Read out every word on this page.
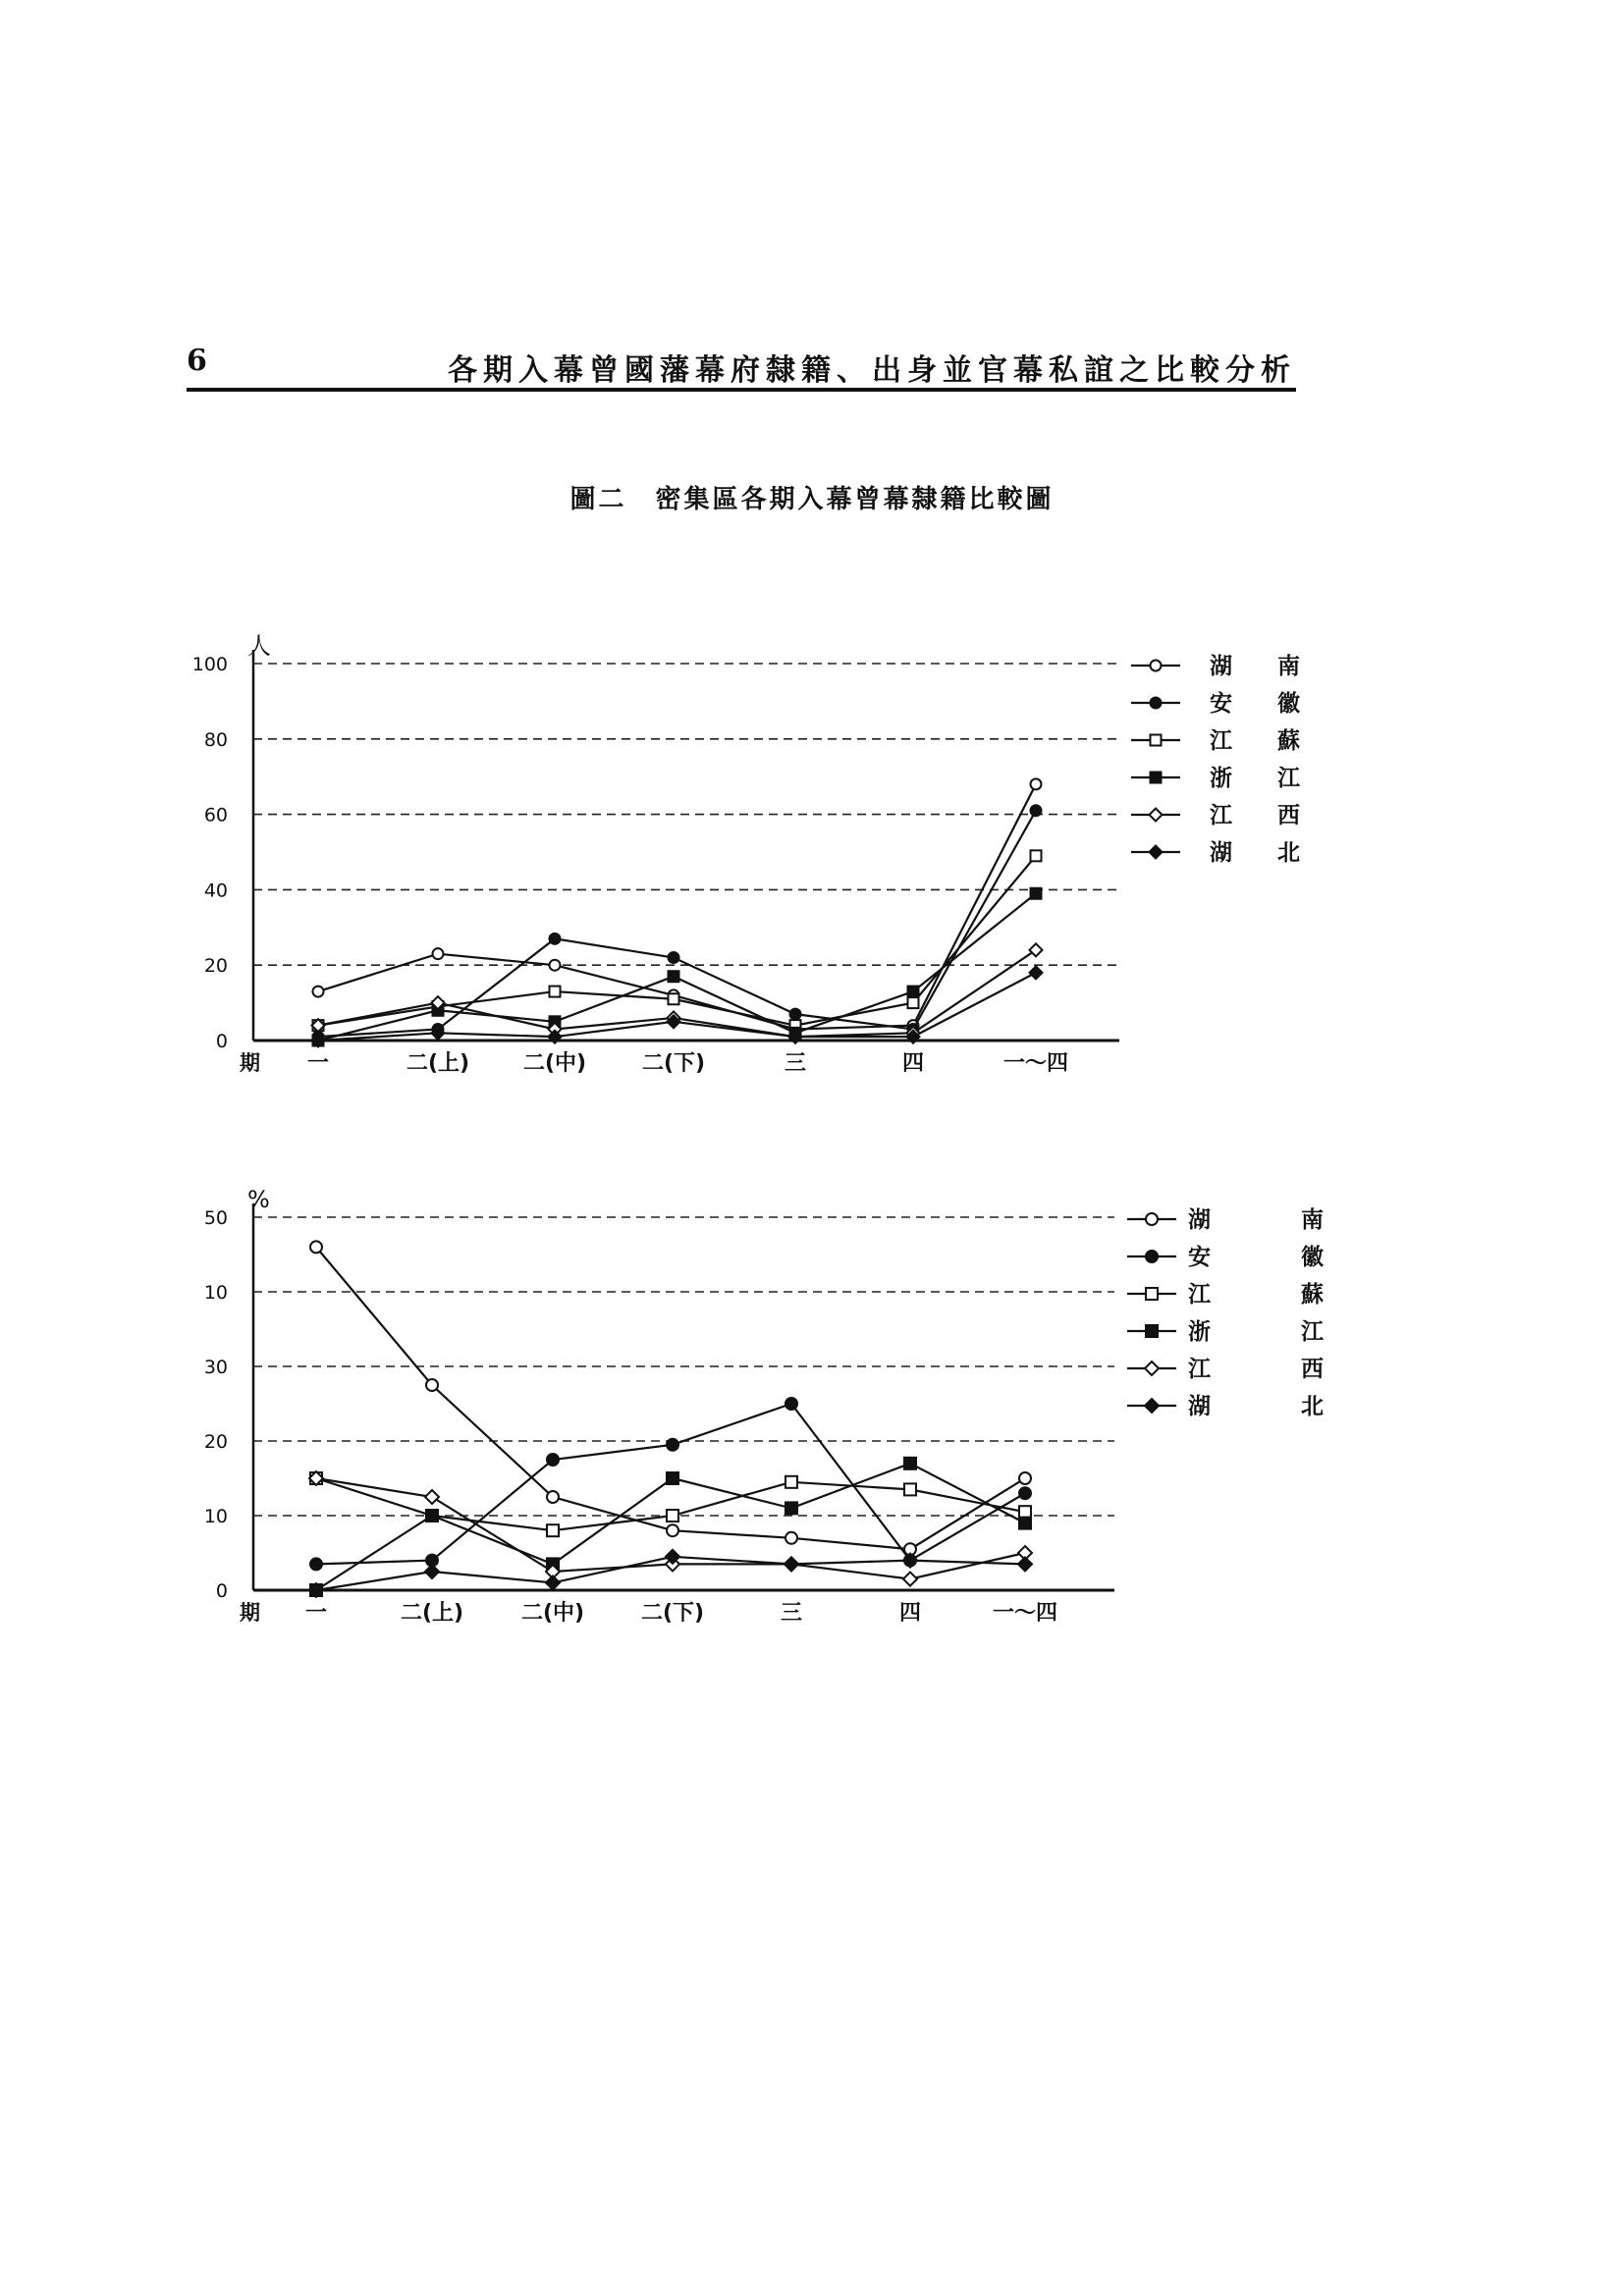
6	各期入幕曾國藩幕府隸籍、出身並官幕私誼之比較分析
圖二　密集區各期入幕曾幕隸籍比較圖
0
20
40
60
80
100
人
期 一	二(上) 二(中)	二(下)	三	四	一～四
湖　　南
安　　徽
江　　蘇
浙　　江
江　　西
湖　　北
0
10
20
30
10
50
%
期 一	二(上)	二(中)	二(下)	三	四	一～四
湖　　　　南
安　　　　徽
江　　　　蘇
浙　　　　江
江　　　　西
湖　　　　北
